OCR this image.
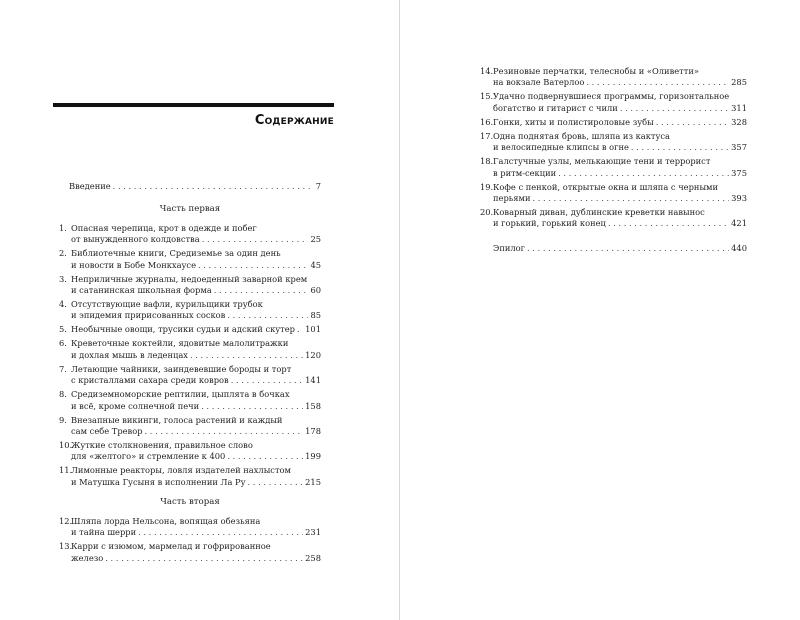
Содержание
Введение . . .	7
Часть первая
1. Опасная черепица, крот в одежде и побег
от вынужденного колдовства . . .	25
2. Библиотечные книги, Средиземье за один день
и новости в Бобе Монкхаусе . . .	45
3. Неприличные журналы, недоеденный заварной крем
и сатанинская школьная форма . . .	60
4. Отсутствующие вафли, курильщики трубок
и эпидемия пририсованных сосков . . .	85
5. Необычные овощи, трусики судьи и адский скутер . . . 101
6. Креветочные коктейли, ядовитые малолитражки
и дохлая мышь в леденцах . . .	120
7. Летающие чайники, заиндевевшие бороды и торт
с кристаллами сахара среди ковров . . .	141
8. Средиземноморские рептилии, цыплята в бочках
и всё, кроме солнечной печи . . .	158
9. Внезапные викинги, голоса растений и каждый
сам себе Тревор . . .	178
10.
Жуткие столкновения, правильное слово
для «желтого» и стремление к 400 . . .	199
11.
Лимонные реакторы, ловля издателей нахлыстом
и Матушка Гусыня в исполнении Ла Ру . . .	215
Часть вторая
12.
Шляпа лорда Нельсона, вопящая обезьяна
и тайна шерри . . .	231
13.
Карри с изюмом, мармелад и гофрированное
железо . . .	258
14. Резиновые перчатки, телеснобы и «Оливетти»
на вокзале Ватерлоо . . .	285
15. Удачно подвернувшиеся программы, горизонтальное
богатство и гитарист с чили . . .	311
16. Гонки, хиты и полистироловые зубы . . .	328
17. Одна поднятая бровь, шляпа из кактуса
и велосипедные клипсы в огне . . .	357
18. Галстучные узлы, мелькающие тени и террорист
в ритм-секции . . .	375
19. Кофе с пенкой, открытые окна и шляпа с черными
перьями . . .	393
20. Коварный диван, дублинские креветки навынос
и горький, горький конец . . .	421
Эпилог . . .	440
